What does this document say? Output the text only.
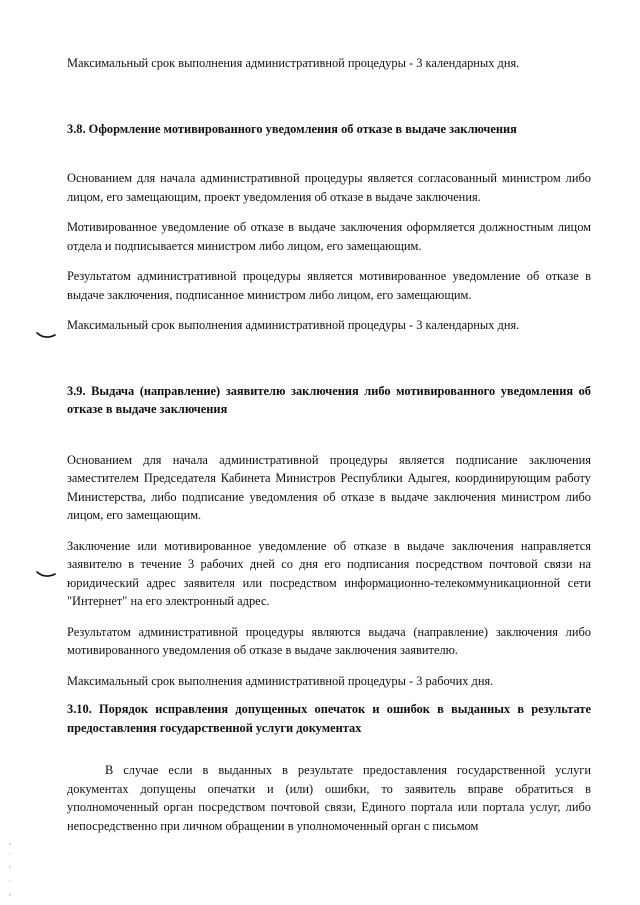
Максимальный срок выполнения административной процедуры - 3 календарных дня.

3.8. Оформление мотивированного уведомления об отказе в выдаче заключения

Основанием для начала административной процедуры является согласованный министром либо лицом, его замещающим, проект уведомления об отказе в выдаче заключения.

Мотивированное уведомление об отказе в выдаче заключения оформляется должностным лицом отдела и подписывается министром либо лицом, его замещающим.

Результатом административной процедуры является мотивированное уведомление об отказе в выдаче заключения, подписанное министром либо лицом, его замещающим.

Максимальный срок выполнения административной процедуры - 3 календарных дня.

3.9. Выдача (направление) заявителю заключения либо мотивированного уведомления об отказе в выдаче заключения

Основанием для начала административной процедуры является подписание заключения заместителем Председателя Кабинета Министров Республики Адыгея, координирующим работу Министерства, либо подписание уведомления об отказе в выдаче заключения министром либо лицом, его замещающим.

Заключение или мотивированное уведомление об отказе в выдаче заключения направляется заявителю в течение 3 рабочих дней со дня его подписания посредством почтовой связи на юридический адрес заявителя или посредством информационно-телекоммуникационной сети "Интернет" на его электронный адрес.

Результатом административной процедуры являются выдача (направление) заключения либо мотивированного уведомления об отказе в выдаче заключения заявителю.

Максимальный срок выполнения административной процедуры - 3 рабочих дня.

3.10. Порядок исправления допущенных опечаток и ошибок в выданных в результате предоставления государственной услуги документах

В случае если в выданных в результате предоставления государственной услуги документах допущены опечатки и (или) ошибки, то заявитель вправе обратиться в уполномоченный орган посредством почтовой связи, Единого портала или портала услуг, либо непосредственно при личном обращении в уполномоченный орган с письмом
